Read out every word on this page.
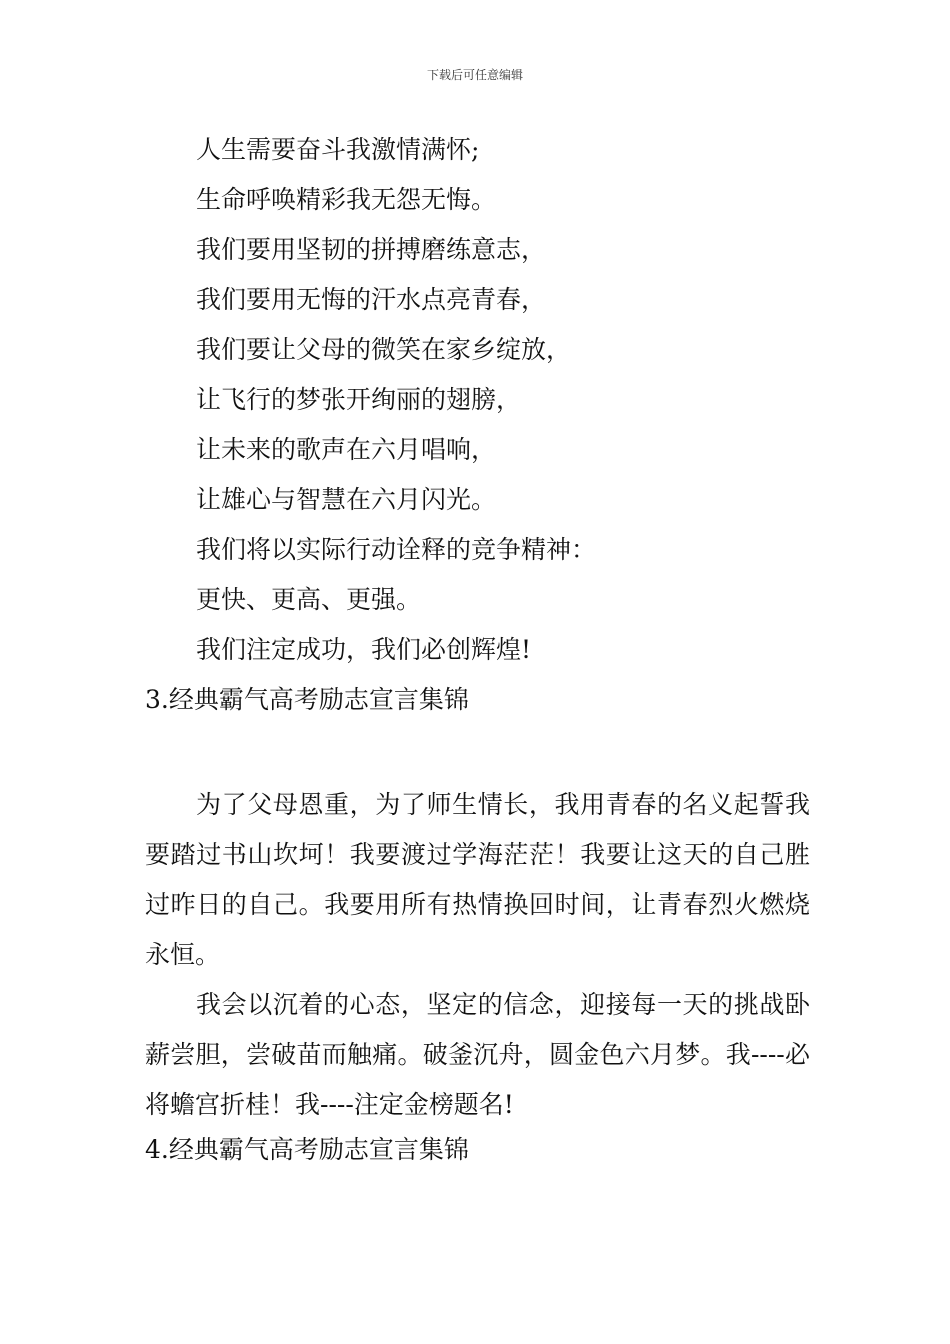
下载后可任意编辑
人生需要奋斗我激情满怀;
生命呼唤精彩我无怨无悔。
我们要用坚韧的拼搏磨练意志，
我们要用无悔的汗水点亮青春，
我们要让父母的微笑在家乡绽放，
让飞行的梦张开绚丽的翅膀，
让未来的歌声在六月唱响，
让雄心与智慧在六月闪光。
我们将以实际行动诠释的竞争精神：
更快、更高、更强。
我们注定成功，我们必创辉煌!
3.经典霸气高考励志宣言集锦

为了父母恩重，为了师生情长，我用青春的名义起誓我要踏过书山坎坷！我要渡过学海茫茫！我要让这天的自己胜过昨日的自己。我要用所有热情换回时间，让青春烈火燃烧永恒。

我会以沉着的心态，坚定的信念，迎接每一天的挑战卧薪尝胆，尝破苗而触痛。破釜沉舟，圆金色六月梦。我----必将蟾宫折桂！我----注定金榜题名!

4.经典霸气高考励志宣言集锦
